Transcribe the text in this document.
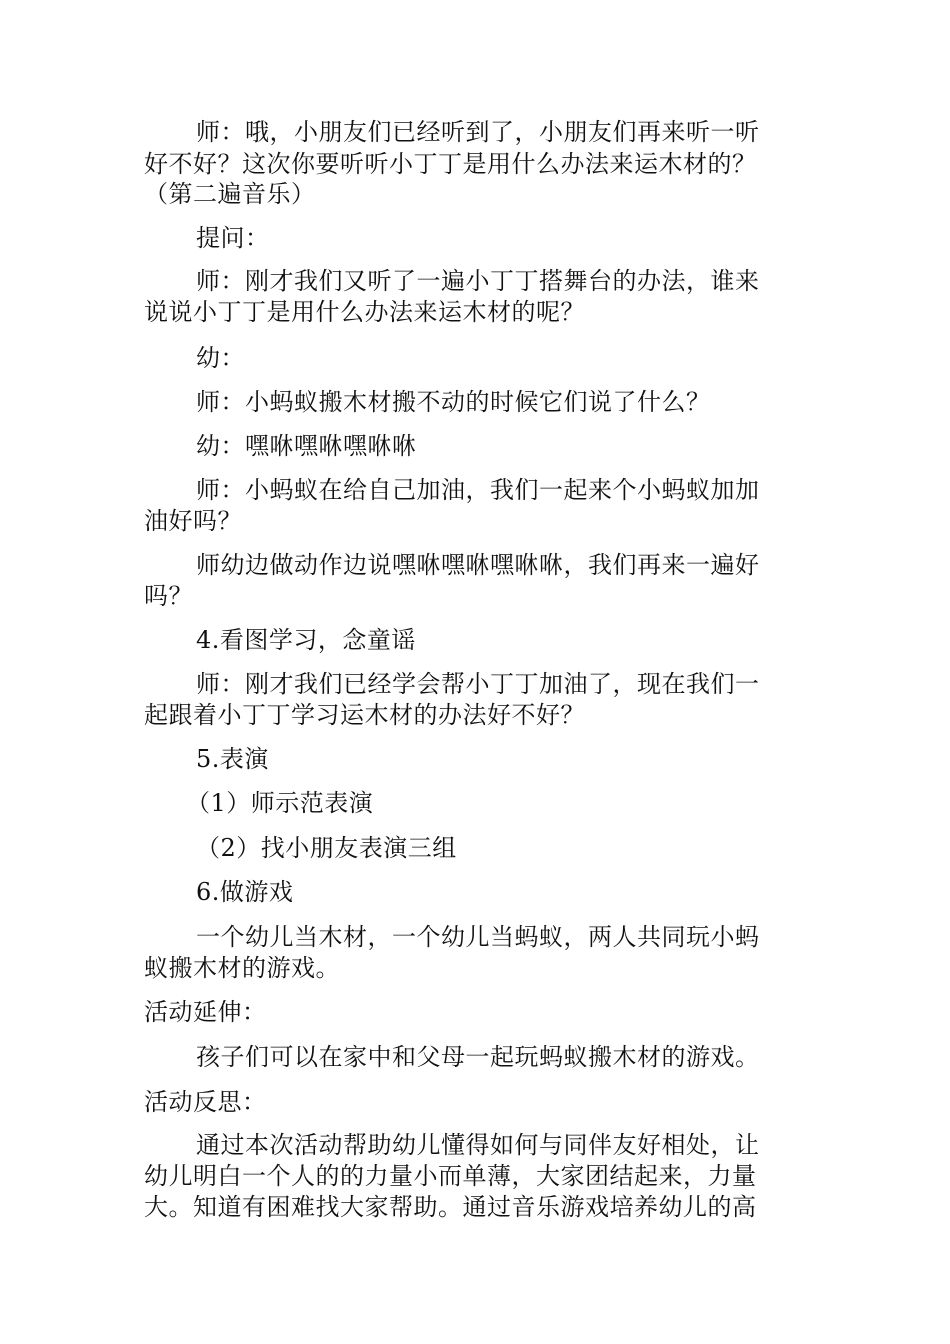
师：哦，小朋友们已经听到了，小朋友们再来听一听
好不好？这次你要听听小丁丁是用什么办法来运木材的？
（第二遍音乐）
提问：
师：刚才我们又听了一遍小丁丁搭舞台的办法，谁来
说说小丁丁是用什么办法来运木材的呢？
幼：
师：小蚂蚁搬木材搬不动的时候它们说了什么？
幼：嘿咻嘿咻嘿咻咻
师：小蚂蚁在给自己加油，我们一起来个小蚂蚁加加
油好吗？
师幼边做动作边说嘿咻嘿咻嘿咻咻，我们再来一遍好
吗？
4.看图学习，念童谣
师：刚才我们已经学会帮小丁丁加油了，现在我们一
起跟着小丁丁学习运木材的办法好不好？
5.表演
（1）师示范表演
（2）找小朋友表演三组
6.做游戏
一个幼儿当木材，一个幼儿当蚂蚁，两人共同玩小蚂
蚁搬木材的游戏。
活动延伸：
孩子们可以在家中和父母一起玩蚂蚁搬木材的游戏。
活动反思：
通过本次活动帮助幼儿懂得如何与同伴友好相处，让
幼儿明白一个人的的力量小而单薄，大家团结起来，力量
大。知道有困难找大家帮助。通过音乐游戏培养幼儿的高
